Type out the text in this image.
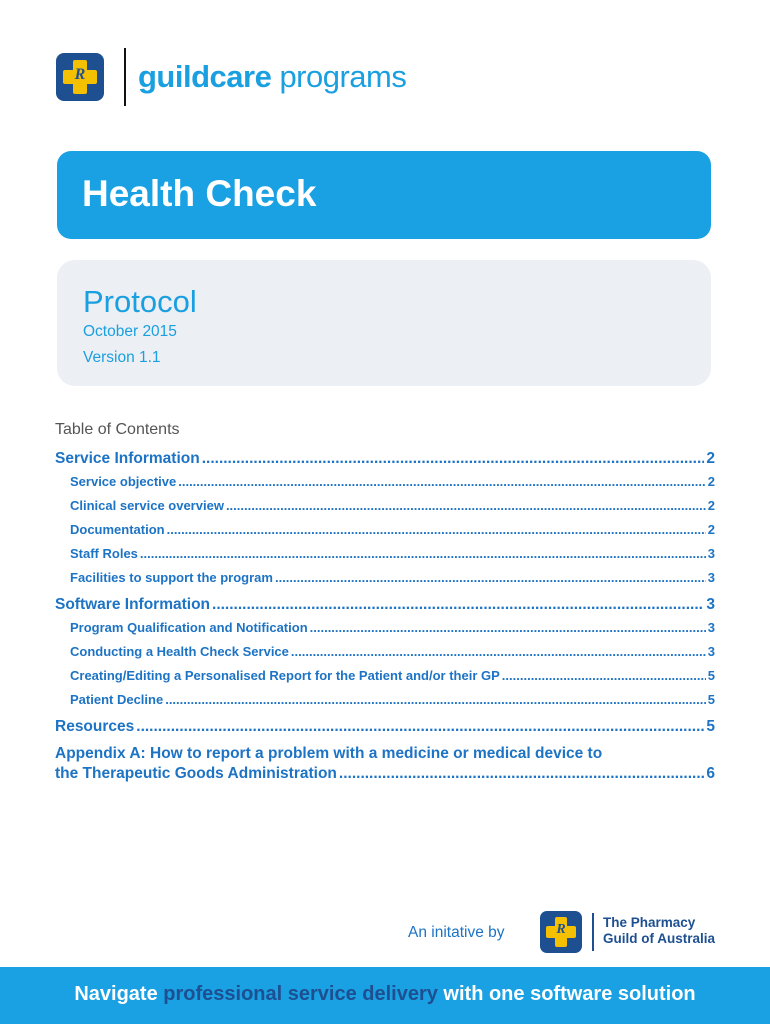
R	guildcare programs
Health Check
Protocol
October 2015
Version 1.1
Table of Contents
Service Information .....	2
Service objective .....	2
Clinical service overview .....	2
Documentation .....	2
Staff Roles .....	3
Facilities to support the program .....	3
Software Information .....	3
Program Qualification and Notification .....	3
Conducting a Health Check Service .....	3
Creating/Editing a Personalised Report for the Patient and/or their GP .....	5
Patient Decline .....	5
Resources .....	5
Appendix A: How to report a problem with a medicine or medical device to
the Therapeutic Goods Administration .....	6
An initative by	R	The Pharmacy
Guild of Australia
Navigate professional service delivery with one software solution
